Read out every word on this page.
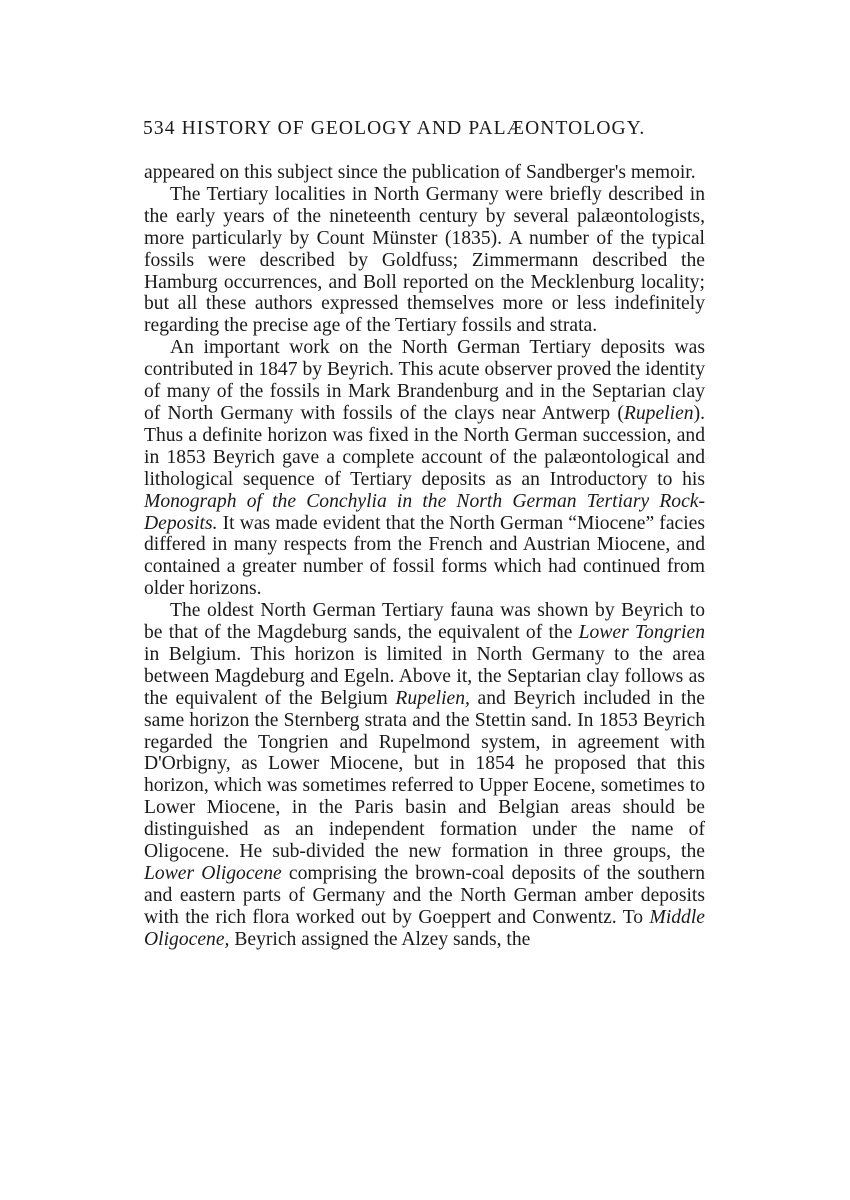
534 HISTORY OF GEOLOGY AND PALÆONTOLOGY.

appeared on this subject since the publication of Sandberger's memoir.

The Tertiary localities in North Germany were briefly described in the early years of the nineteenth century by several palæontologists, more particularly by Count Münster (1835). A number of the typical fossils were described by Goldfuss; Zimmermann described the Hamburg occurrences, and Boll reported on the Mecklenburg locality; but all these authors expressed themselves more or less indefinitely regarding the precise age of the Tertiary fossils and strata.

An important work on the North German Tertiary deposits was contributed in 1847 by Beyrich. This acute observer proved the identity of many of the fossils in Mark Brandenburg and in the Septarian clay of North Germany with fossils of the clays near Antwerp (Rupelien). Thus a definite horizon was fixed in the North German succession, and in 1853 Beyrich gave a complete account of the palæontological and lithological sequence of Tertiary deposits as an Introductory to his Monograph of the Conchylia in the North German Tertiary Rock-Deposits. It was made evident that the North German “Miocene” facies differed in many respects from the French and Austrian Miocene, and contained a greater number of fossil forms which had continued from older horizons.

The oldest North German Tertiary fauna was shown by Beyrich to be that of the Magdeburg sands, the equivalent of the Lower Tongrien in Belgium. This horizon is limited in North Germany to the area between Magdeburg and Egeln. Above it, the Septarian clay follows as the equivalent of the Belgium Rupelien, and Beyrich included in the same horizon the Sternberg strata and the Stettin sand. In 1853 Beyrich regarded the Tongrien and Rupelmond system, in agreement with D'Orbigny, as Lower Miocene, but in 1854 he proposed that this horizon, which was sometimes referred to Upper Eocene, sometimes to Lower Miocene, in the Paris basin and Belgian areas should be distinguished as an independent formation under the name of Oligocene. He sub-divided the new formation in three groups, the Lower Oligocene comprising the brown-coal deposits of the southern and eastern parts of Germany and the North German amber deposits with the rich flora worked out by Goeppert and Conwentz. To Middle Oligocene, Beyrich assigned the Alzey sands, the
